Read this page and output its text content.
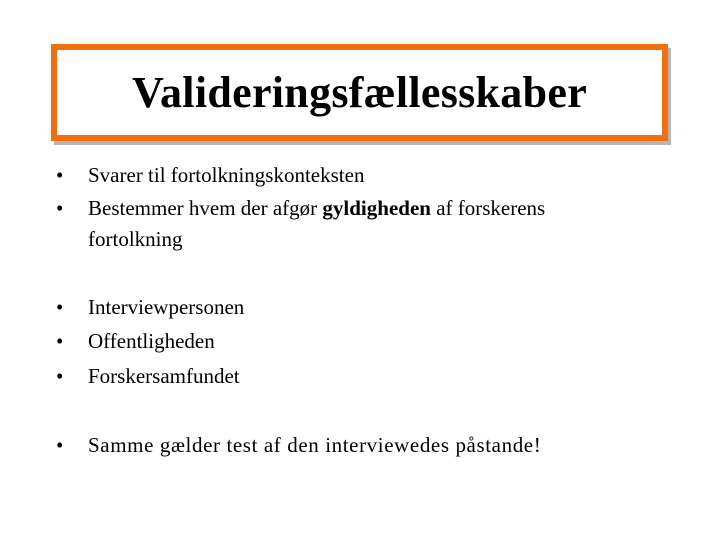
Valideringsfællesskaber
•	Svarer til fortolkningskonteksten
•	Bestemmer hvem der afgør gyldigheden af forskerens
fortolkning
•	Interviewpersonen
•	Offentligheden
•	Forskersamfundet
•	Samme gælder test af den interviewedes påstande!
